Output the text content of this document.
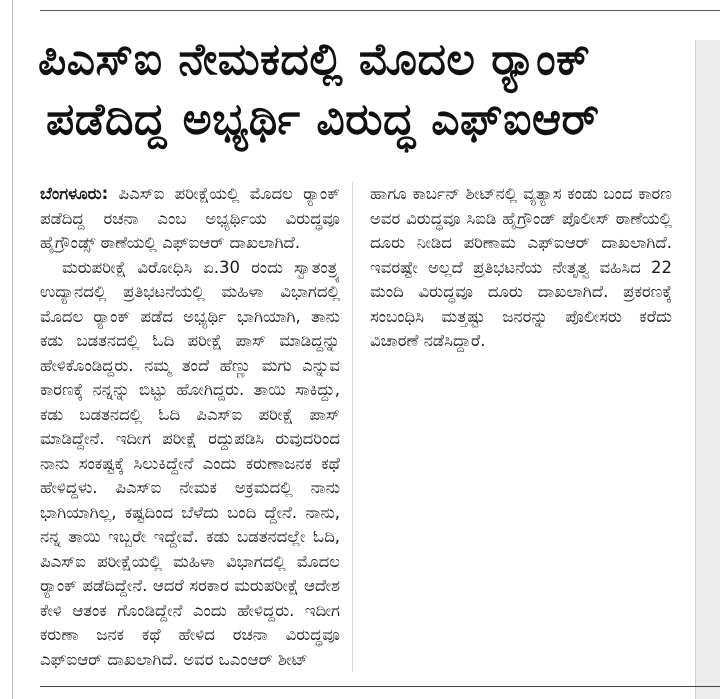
ಪಿಎಸ್‌ಐ ನೇಮಕದಲ್ಲಿ ಮೊದಲ ರ‍್ಯಾಂಕ್
ಪಡೆದಿದ್ದ ಅಭ್ಯರ್ಥಿ ವಿರುದ್ಧ ಎಫ್‌ಐಆರ್

ಬೆಂಗಳೂರು: ಪಿಎಸ್‌ಐ ಪರೀಕ್ಷೆಯಲ್ಲಿ ಮೊದಲ ರ‍್ಯಾಂಕ್ ಪಡೆದಿದ್ದ ರಚನಾ ಎಂಬ ಅಭ್ಯರ್ಥಿಯ ವಿರುದ್ಧವೂ ಹೈಗ್ರೌಂಡ್ಸ್ ಠಾಣೆಯಲ್ಲಿ ಎಫ್‌ಐಆರ್ ದಾಖಲಾಗಿದೆ.

ಮರುಪರೀಕ್ಷೆ ವಿರೋಧಿಸಿ ಏ.30 ರಂದು ಸ್ವಾತಂತ್ರ್ಯ ಉದ್ಯಾನದಲ್ಲಿ ಪ್ರತಿಭಟನೆಯಲ್ಲಿ ಮಹಿಳಾ ವಿಭಾಗದಲ್ಲಿ ಮೊದಲ ರ‍್ಯಾಂಕ್ ಪಡೆದ ಅಭ್ಯರ್ಥಿ ಭಾಗಿಯಾಗಿ, ತಾನು ಕಡು ಬಡತನದಲ್ಲಿ ಓದಿ ಪರೀಕ್ಷೆ ಪಾಸ್ ಮಾಡಿದ್ದನ್ನು ಹೇಳಿಕೊಂಡಿದ್ದರು. ನಮ್ಮ ತಂದೆ ಹೆಣ್ಣು ಮಗು ಎನ್ನುವ ಕಾರಣಕ್ಕೆ ನನ್ನನ್ನು ಬಿಟ್ಟು ಹೋಗಿದ್ದರು. ತಾಯಿ ಸಾಕಿದ್ದು, ಕಡು ಬಡತನದಲ್ಲಿ ಓದಿ ಪಿಎಸ್‌ಐ ಪರೀಕ್ಷೆ ಪಾಸ್ ಮಾಡಿದ್ದೇನೆ. ಇದೀಗ ಪರೀಕ್ಷೆ ರದ್ದುಪಡಿಸಿ ರುವುದರಿಂದ ನಾನು ಸಂಕಷ್ಟಕ್ಕೆ ಸಿಲುಕಿದ್ದೇನೆ ಎಂದು ಕರುಣಾಜನಕ ಕಥೆ ಹೇಳಿದ್ದಳು. ಪಿಎಸ್‌ಐ ನೇಮಕ ಅಕ್ರಮದಲ್ಲಿ ನಾನು ಭಾಗಿಯಾಗಿಲ್ಲ, ಕಷ್ಟದಿಂದ ಬೆಳೆದು ಬಂದಿ ದ್ದೇನೆ. ನಾನು, ನನ್ನ ತಾಯಿ ಇಬ್ಬರೇ ಇದ್ದೇವೆ. ಕಡು ಬಡತನದಲ್ಲೇ ಓದಿ, ಪಿಎಸ್‌ಐ ಪರೀಕ್ಷೆಯಲ್ಲಿ ಮಹಿಳಾ ವಿಭಾಗದಲ್ಲಿ ಮೊದಲ ರ‍್ಯಾಂಕ್ ಪಡೆದಿದ್ದೇನೆ. ಆದರೆ ಸರಕಾರ ಮರುಪರೀಕ್ಷೆ ಆದೇಶ ಕೇಳಿ ಆತಂಕ ಗೊಂಡಿದ್ದೇನೆ ಎಂದು ಹೇಳಿದ್ದರು. ಇದೀಗ ಕರುಣಾ ಜನಕ ಕಥೆ ಹೇಳಿದ ರಚನಾ ವಿರುದ್ಧವೂ ಎಫ್‌ಐಆರ್ ದಾಖಲಾಗಿದೆ. ಅವರ ಒಎಂಆರ್ ಶೀಟ್

ಹಾಗೂ ಕಾರ್ಬನ್ ಶೀಟ್‌ನಲ್ಲಿ ವ್ಯತ್ಯಾಸ ಕಂಡು ಬಂದ ಕಾರಣ ಅವರ ವಿರುದ್ಧವೂ ಸಿಐಡಿ ಹೈಗ್ರೌಂಡ್ ಪೊಲೀಸ್ ಠಾಣೆಯಲ್ಲಿ ದೂರು ನೀಡಿದ ಪರಿಣಾಮ ಎಫ್‌ಐಆರ್ ದಾಖಲಾಗಿದೆ. ಇವರಷ್ಟೇ ಅಲ್ಲದೆ ಪ್ರತಿಭಟನೆಯ ನೇತೃತ್ವ ವಹಿಸಿದ 22 ಮಂದಿ ವಿರುದ್ಧವೂ ದೂರು ದಾಖಲಾಗಿದೆ. ಪ್ರಕರಣಕ್ಕೆ ಸಂಬಂಧಿಸಿ ಮತ್ತಷ್ಟು ಜನರನ್ನು ಪೊಲೀಸರು ಕರೆದು ವಿಚಾರಣೆ ನಡೆಸಿದ್ದಾರೆ.
